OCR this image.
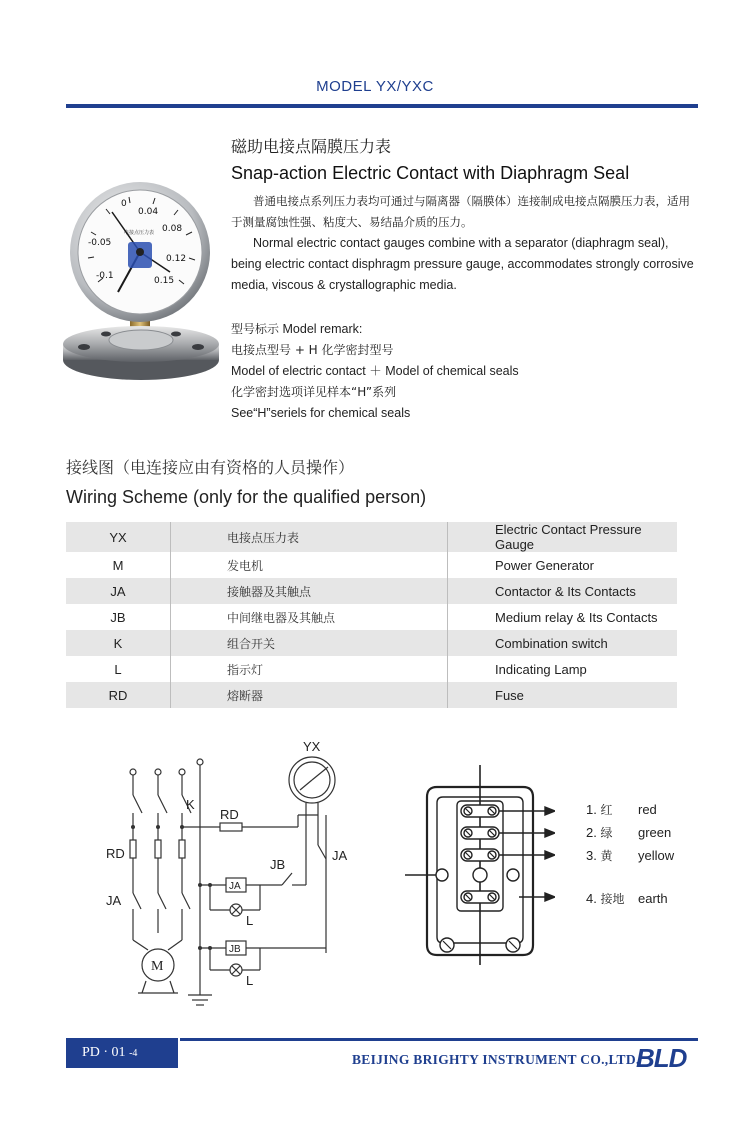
MODEL YX/YXC
0
0.04
0.08
0.12
0.15
-0.1
-0.05
电接点压力表
磁助电接点隔膜压力表
Snap-action Electric Contact with Diaphragm Seal
普通电接点系列压力表均可通过与隔离器（隔膜体）连接制成电接点隔膜压力表，适用于测量腐蚀性强、粘度大、易结晶介质的压力。
Normal electric contact gauges combine with a separator (diaphragm seal), being electric contact disphragm pressure gauge, accommodates strongly corrosive media, viscous & crystallographic media.
型号标示 Model remark:
电接点型号 + H 化学密封型号
Model of electric contact ＋ Model of chemical seals
化学密封选项详见样本“H”系列
See“H”seriels for chemical seals
接线图（电连接应由有资格的人员操作）
Wiring Scheme (only for the qualified person)
YX	电接点压力表	Electric Contact Pressure Gauge
M	发电机	Power Generator
JA	接触器及其触点	Contactor & Its Contacts
JB	中间继电器及其触点	Medium relay & Its Contacts
K	组合开关	Combination switch
L	指示灯	Indicating Lamp
RD	熔断器	Fuse
YX
K
RD
RD
JA
JA
JB
L
L
JA
JB
M
1. 红 red
2. 绿 green
3. 黄 yellow
4. 接地 earth
PD · 01 -4	BEIJING BRIGHTY INSTRUMENT CO.,LTD.
BLD
